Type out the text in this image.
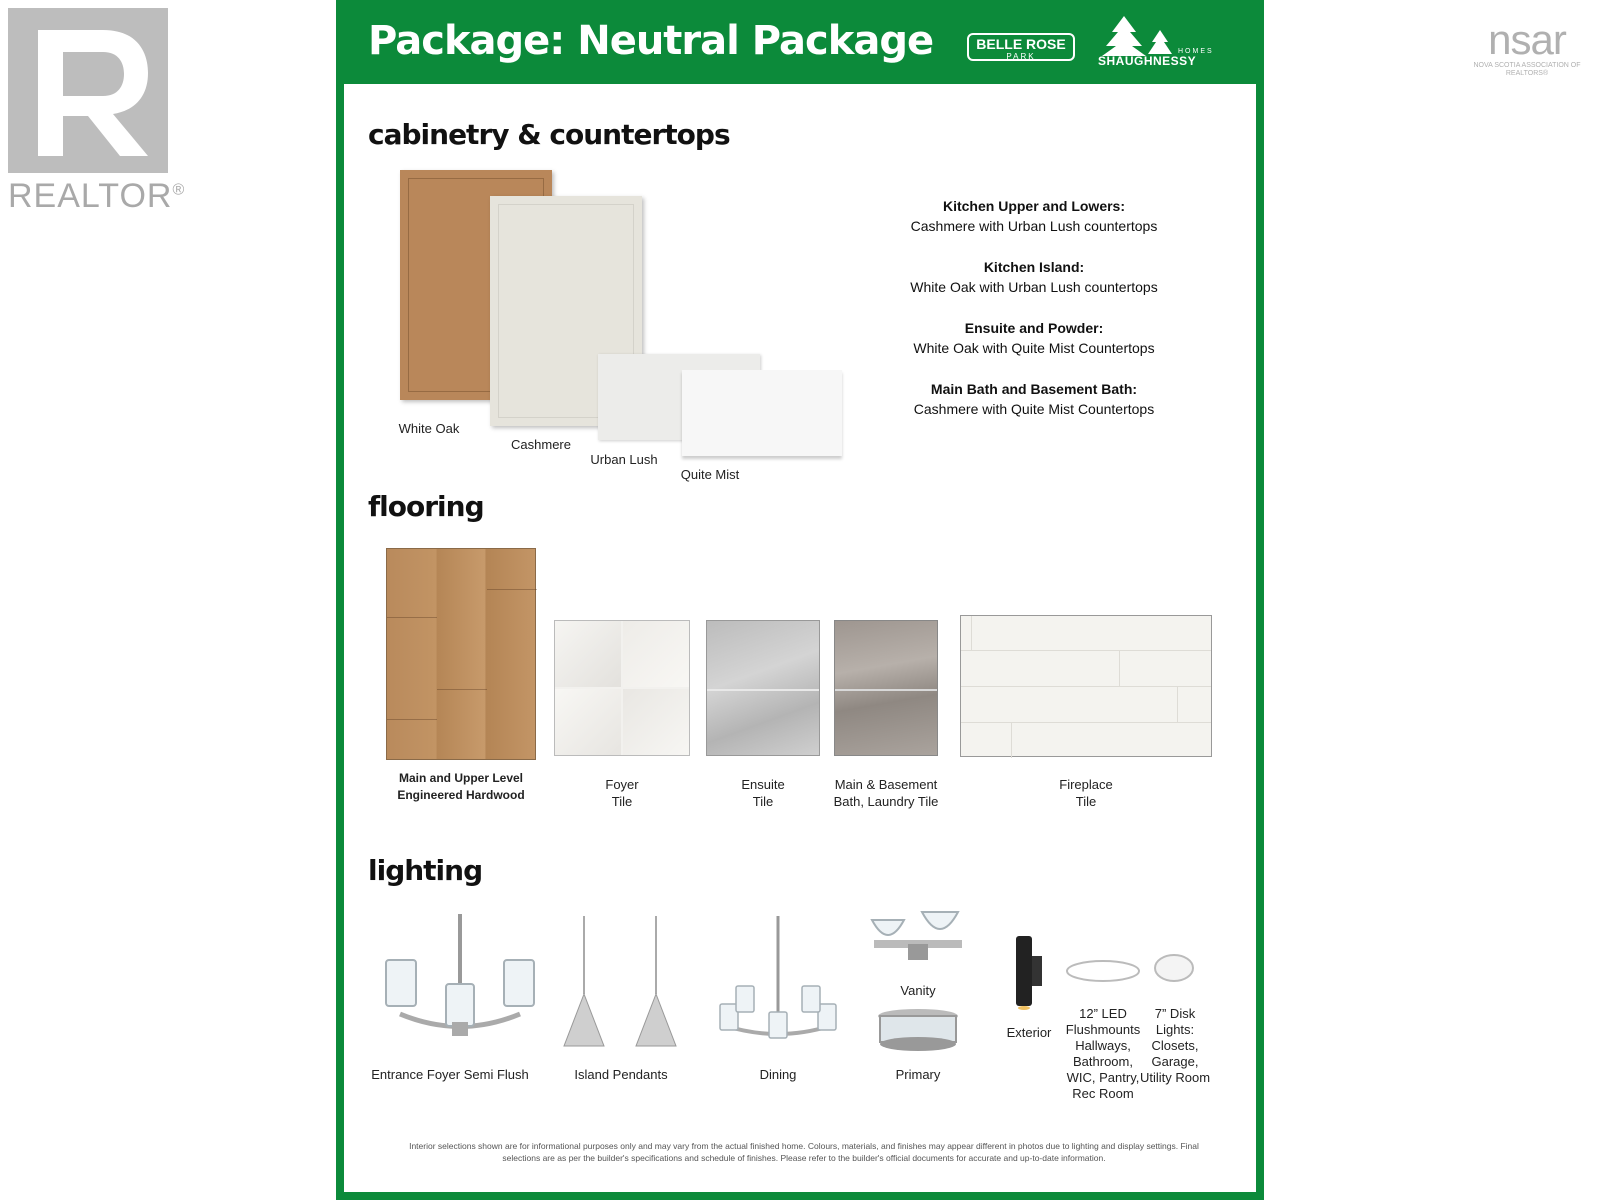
REALTOR®
nsar
NOVA SCOTIA ASSOCIATION OF REALTORS®
Package: Neutral Package	BELLE ROSE
PARK
HOMES
SHAUGHNESSY
cabinetry & countertops
White Oak
Cashmere
Urban Lush
Quite Mist
Kitchen Upper and Lowers:
Cashmere with Urban Lush countertops
Kitchen Island:
White Oak with Urban Lush countertops
Ensuite and Powder:
White Oak with Quite Mist Countertops
Main Bath and Basement Bath:
Cashmere with Quite Mist Countertops
flooring
Main and Upper Level
Engineered Hardwood
Foyer
Tile
Ensuite
Tile
Main & Basement
Bath, Laundry Tile
Fireplace
Tile
lighting
Entrance Foyer Semi Flush	Island Pendants	Dining
Vanity
Primary
Exterior
12” LED
Flushmounts
Hallways,
Bathroom,
WIC, Pantry,
Rec Room
7” Disk
Lights:
Closets,
Garage,
Utility Room
Interior selections shown are for informational purposes only and may vary from the actual finished home. Colours, materials, and finishes may appear different in photos due to lighting and display settings. Final selections are as per the builder's specifications and schedule of finishes. Please refer to the builder's official documents for accurate and up-to-date information.
